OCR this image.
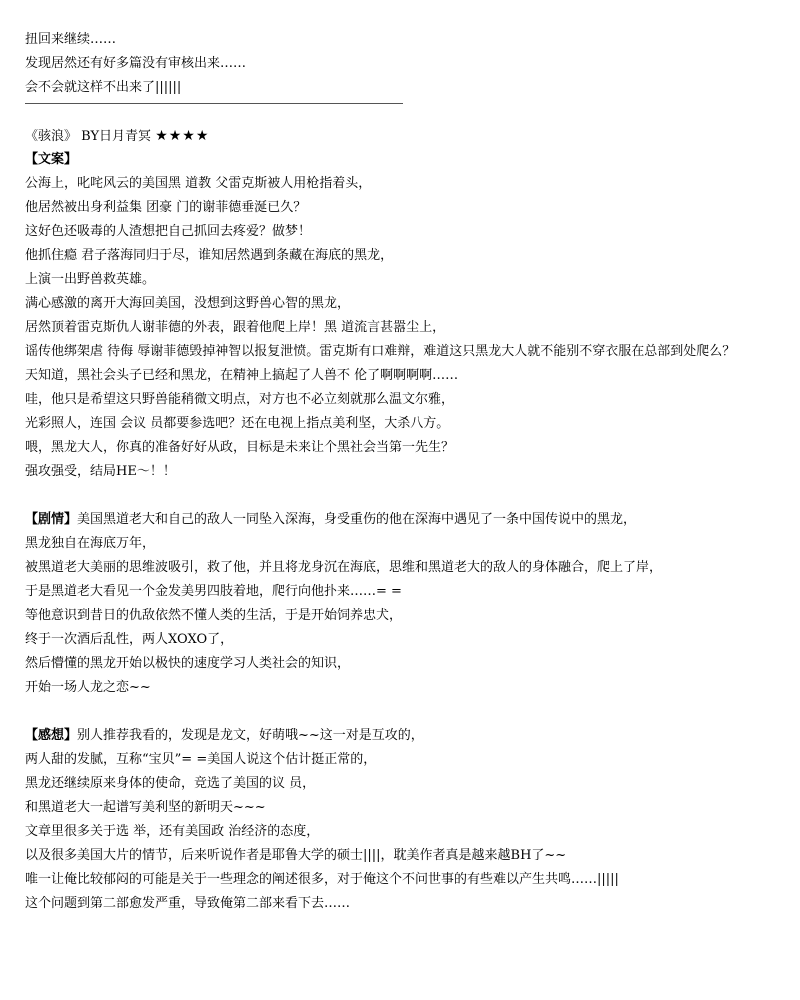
扭回来继续……
发现居然还有好多篇没有审核出来……
会不会就这样不出来了||||||
《骇浪》 BY日月青冥 ★★★★
【文案】
公海上，叱咤风云的美国黑 道教 父雷克斯被人用枪指着头，
他居然被出身利益集 团豪 门的谢菲德垂涎已久？
这好色还吸毒的人渣想把自己抓回去疼爱？做梦！
他抓住瘾 君子落海同归于尽，谁知居然遇到条藏在海底的黑龙，
上演一出野兽救英雄。
满心感激的离开大海回美国，没想到这野兽心智的黑龙，
居然顶着雷克斯仇人谢菲德的外表，跟着他爬上岸！黑 道流言甚嚣尘上，
谣传他绑架虐 待侮 辱谢菲德毁掉神智以报复泄愤。雷克斯有口难辩，难道这只黑龙大人就不能别不穿衣服在总部到处爬么？
天知道，黑社会头子已经和黑龙，在精神上搞起了人兽不 伦了啊啊啊啊……
哇，他只是希望这只野兽能稍微文明点，对方也不必立刻就那么温文尔雅，
光彩照人，连国 会议 员都要参选吧？还在电视上指点美利坚，大杀八方。
喂，黑龙大人，你真的准备好好从政，目标是未来让个黑社会当第一先生？
强攻强受，结局HE～！！
【剧情】美国黑道老大和自己的敌人一同坠入深海，身受重伤的他在深海中遇见了一条中国传说中的黑龙，
黑龙独自在海底万年，
被黑道老大美丽的思维波吸引，救了他，并且将龙身沉在海底，思维和黑道老大的敌人的身体融合，爬上了岸，
于是黑道老大看见一个金发美男四肢着地，爬行向他扑来……= =
等他意识到昔日的仇敌依然不懂人类的生活，于是开始饲养忠犬，
终于一次酒后乱性，两人XOXO了，
然后懵懂的黑龙开始以极快的速度学习人类社会的知识，
开始一场人龙之恋~~
【感想】别人推荐我看的，发现是龙文，好萌哦~~这一对是互攻的，
两人甜的发腻，互称“宝贝”= =美国人说这个估计挺正常的，
黑龙还继续原来身体的使命，竞选了美国的议 员，
和黑道老大一起谱写美利坚的新明天~~~
文章里很多关于选 举，还有美国政 治经济的态度，
以及很多美国大片的情节，后来听说作者是耶鲁大学的硕士||||，耽美作者真是越来越BH了~~
唯一让俺比较郁闷的可能是关于一些理念的阐述很多，对于俺这个不问世事的有些难以产生共鸣……|||||
这个问题到第二部愈发严重，导致俺第二部来看下去……
